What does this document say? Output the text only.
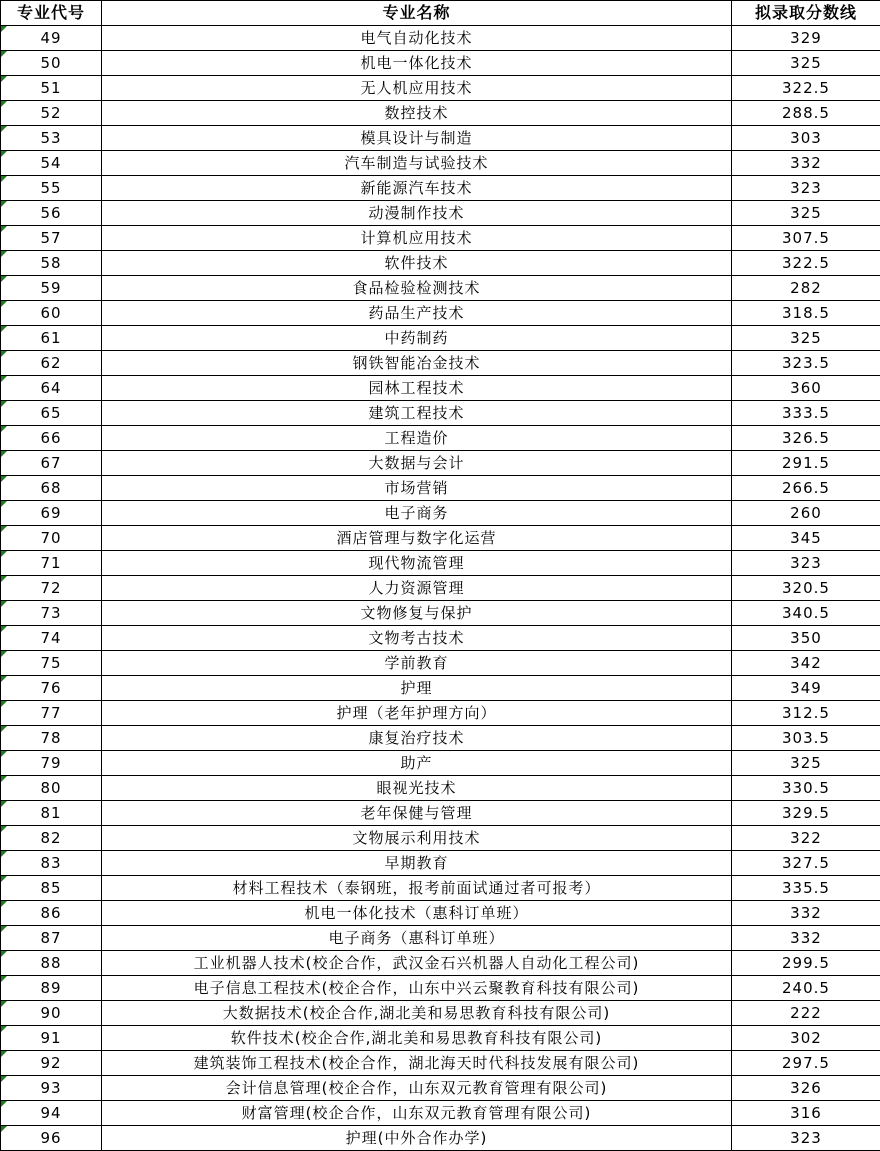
专业代号	专业名称	拟录取分数线
49	电气自动化技术	329
50	机电一体化技术	325
51	无人机应用技术	322.5
52	数控技术	288.5
53	模具设计与制造	303
54	汽车制造与试验技术	332
55	新能源汽车技术	323
56	动漫制作技术	325
57	计算机应用技术	307.5
58	软件技术	322.5
59	食品检验检测技术	282
60	药品生产技术	318.5
61	中药制药	325
62	钢铁智能冶金技术	323.5
64	园林工程技术	360
65	建筑工程技术	333.5
66	工程造价	326.5
67	大数据与会计	291.5
68	市场营销	266.5
69	电子商务	260
70	酒店管理与数字化运营	345
71	现代物流管理	323
72	人力资源管理	320.5
73	文物修复与保护	340.5
74	文物考古技术	350
75	学前教育	342
76	护理	349
77	护理（老年护理方向）	312.5
78	康复治疗技术	303.5
79	助产	325
80	眼视光技术	330.5
81	老年保健与管理	329.5
82	文物展示利用技术	322
83	早期教育	327.5
85	材料工程技术（泰钢班，报考前面试通过者可报考）	335.5
86	机电一体化技术（惠科订单班）	332
87	电子商务（惠科订单班）	332
88	工业机器人技术(校企合作，武汉金石兴机器人自动化工程公司)	299.5
89	电子信息工程技术(校企合作，山东中兴云聚教育科技有限公司)	240.5
90	大数据技术(校企合作,湖北美和易思教育科技有限公司)	222
91	软件技术(校企合作,湖北美和易思教育科技有限公司)	302
92	建筑装饰工程技术(校企合作，湖北海天时代科技发展有限公司)	297.5
93	会计信息管理(校企合作，山东双元教育管理有限公司)	326
94	财富管理(校企合作，山东双元教育管理有限公司)	316
96	护理(中外合作办学)	323
